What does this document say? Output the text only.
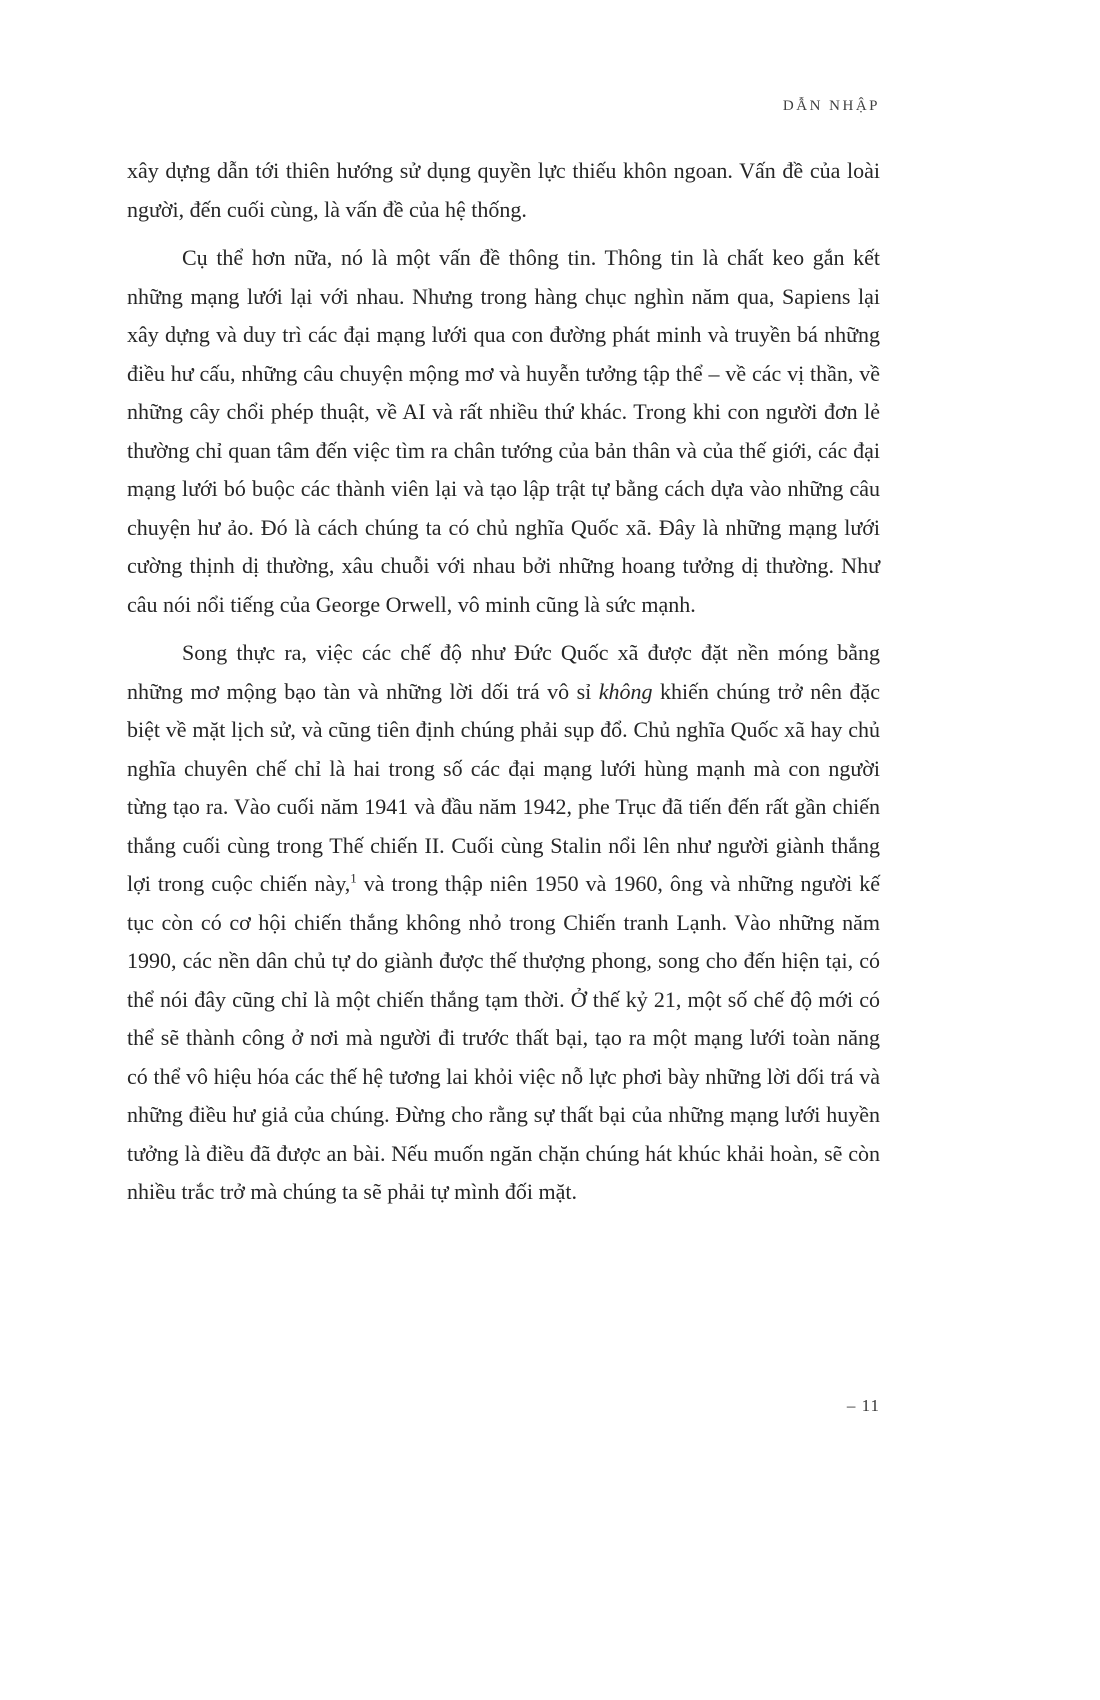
DẪN NHẬP

xây dựng dẫn tới thiên hướng sử dụng quyền lực thiếu khôn ngoan. Vấn đề của loài người, đến cuối cùng, là vấn đề của hệ thống.

Cụ thể hơn nữa, nó là một vấn đề thông tin. Thông tin là chất keo gắn kết những mạng lưới lại với nhau. Nhưng trong hàng chục nghìn năm qua, Sapiens lại xây dựng và duy trì các đại mạng lưới qua con đường phát minh và truyền bá những điều hư cấu, những câu chuyện mộng mơ và huyễn tưởng tập thể – về các vị thần, về những cây chổi phép thuật, về AI và rất nhiều thứ khác. Trong khi con người đơn lẻ thường chỉ quan tâm đến việc tìm ra chân tướng của bản thân và của thế giới, các đại mạng lưới bó buộc các thành viên lại và tạo lập trật tự bằng cách dựa vào những câu chuyện hư ảo. Đó là cách chúng ta có chủ nghĩa Quốc xã. Đây là những mạng lưới cường thịnh dị thường, xâu chuỗi với nhau bởi những hoang tưởng dị thường. Như câu nói nổi tiếng của George Orwell, vô minh cũng là sức mạnh.

Song thực ra, việc các chế độ như Đức Quốc xã được đặt nền móng bằng những mơ mộng bạo tàn và những lời dối trá vô sỉ không khiến chúng trở nên đặc biệt về mặt lịch sử, và cũng tiên định chúng phải sụp đổ. Chủ nghĩa Quốc xã hay chủ nghĩa chuyên chế chỉ là hai trong số các đại mạng lưới hùng mạnh mà con người từng tạo ra. Vào cuối năm 1941 và đầu năm 1942, phe Trục đã tiến đến rất gần chiến thắng cuối cùng trong Thế chiến II. Cuối cùng Stalin nổi lên như người giành thắng lợi trong cuộc chiến này,$^1$ và trong thập niên 1950 và 1960, ông và những người kế tục còn có cơ hội chiến thắng không nhỏ trong Chiến tranh Lạnh. Vào những năm 1990, các nền dân chủ tự do giành được thế thượng phong, song cho đến hiện tại, có thể nói đây cũng chỉ là một chiến thắng tạm thời. Ở thế kỷ 21, một số chế độ mới có thể sẽ thành công ở nơi mà người đi trước thất bại, tạo ra một mạng lưới toàn năng có thể vô hiệu hóa các thế hệ tương lai khỏi việc nỗ lực phơi bày những lời dối trá và những điều hư giả của chúng. Đừng cho rằng sự thất bại của những mạng lưới huyền tưởng là điều đã được an bài. Nếu muốn ngăn chặn chúng hát khúc khải hoàn, sẽ còn nhiều trắc trở mà chúng ta sẽ phải tự mình đối mặt.

– 11
